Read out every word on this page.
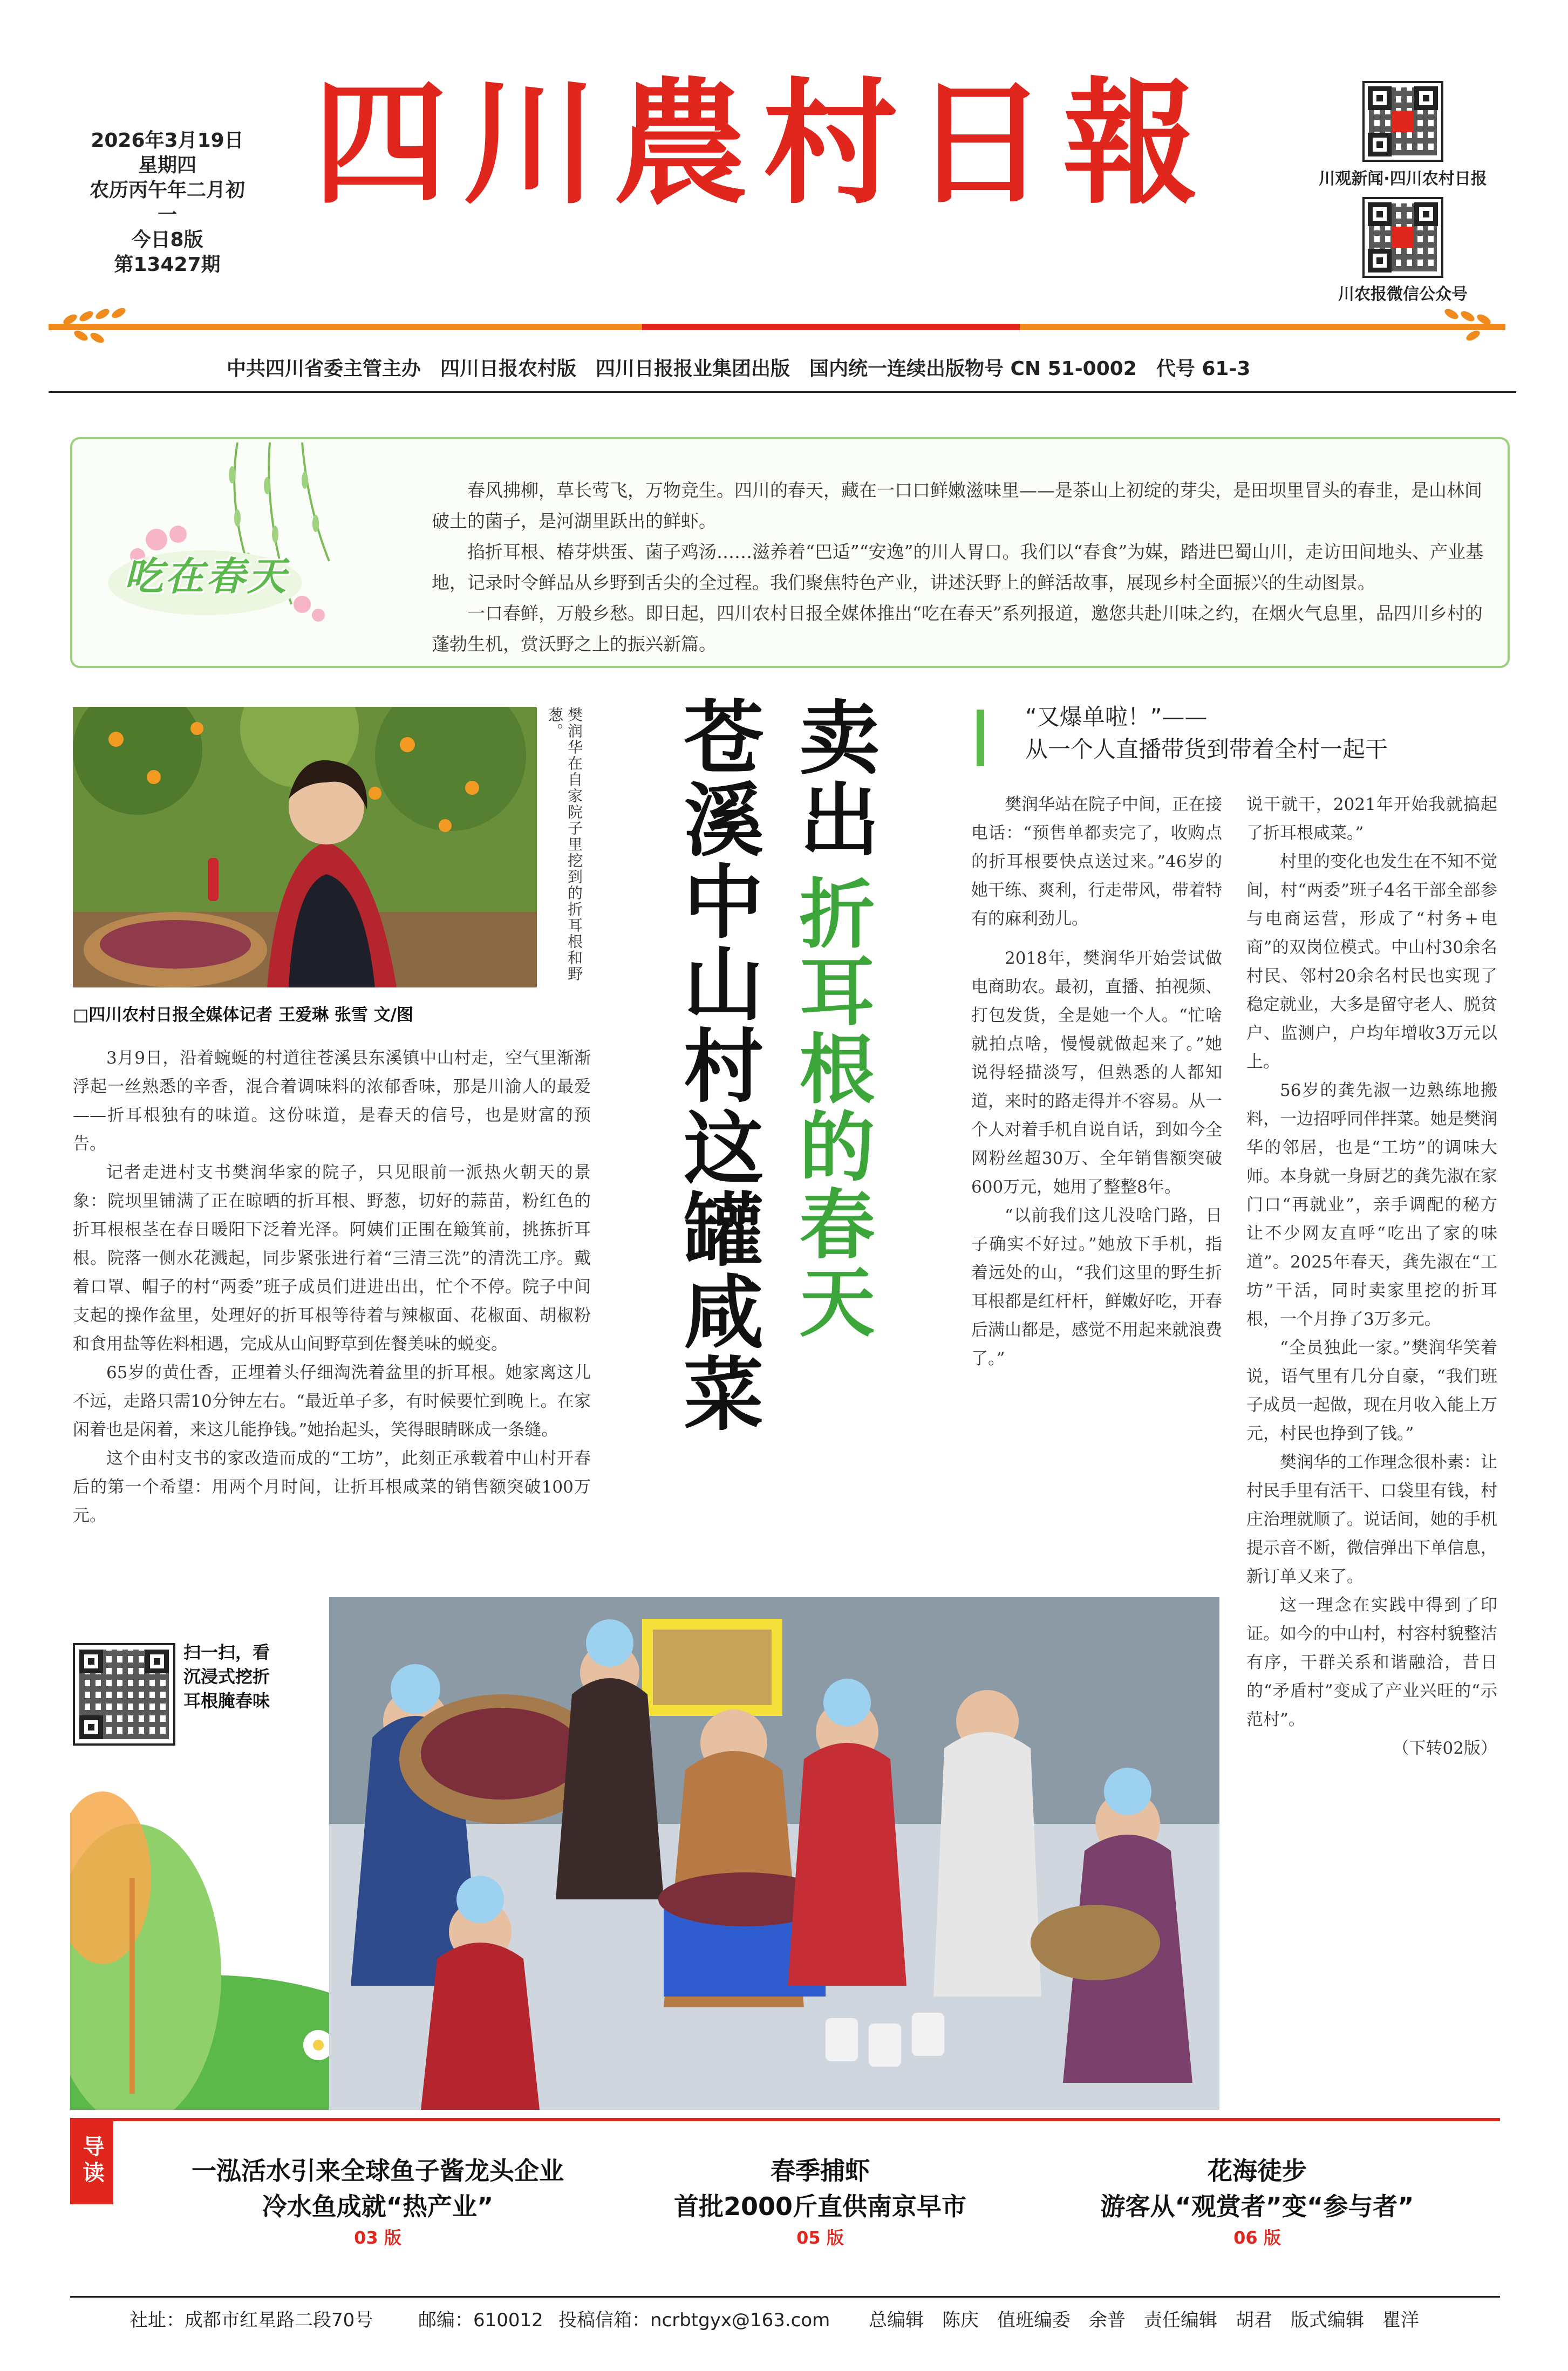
2026年3月19日
星期四
农历丙午年二月初一
今日8版
第13427期
四川農村日報	川观新闻·四川农村日报
川农报微信公众号
中共四川省委主管主办　四川日报农村版　四川日报报业集团出版　国内统一连续出版物号 CN 51-0002　代号 61-3
吃在春天

春风拂柳，草长莺飞，万物竞生。四川的春天，藏在一口口鲜嫩滋味里——是茶山上初绽的芽尖，是田坝里冒头的春韭，是山林间破土的菌子，是河湖里跃出的鲜虾。

掐折耳根、椿芽烘蛋、菌子鸡汤……滋养着“巴适”“安逸”的川人胃口。我们以“春食”为媒，踏进巴蜀山川，走访田间地头、产业基地，记录时令鲜品从乡野到舌尖的全过程。我们聚焦特色产业，讲述沃野上的鲜活故事，展现乡村全面振兴的生动图景。

一口春鲜，万般乡愁。即日起，四川农村日报全媒体推出“吃在春天”系列报道，邀您共赴川味之约，在烟火气息里，品四川乡村的蓬勃生机，赏沃野之上的振兴新篇。

樊润华在自家院子里挖到的折耳根和野葱。
□四川农村日报全媒体记者 王爱琳 张雪 文/图

3月9日，沿着蜿蜒的村道往苍溪县东溪镇中山村走，空气里渐渐浮起一丝熟悉的辛香，混合着调味料的浓郁香味，那是川渝人的最爱——折耳根独有的味道。这份味道，是春天的信号，也是财富的预告。

记者走进村支书樊润华家的院子，只见眼前一派热火朝天的景象：院坝里铺满了正在晾晒的折耳根、野葱，切好的蒜苗，粉红色的折耳根根茎在春日暖阳下泛着光泽。阿姨们正围在簸箕前，挑拣折耳根。院落一侧水花溅起，同步紧张进行着“三清三洗”的清洗工序。戴着口罩、帽子的村“两委”班子成员们进进出出，忙个不停。院子中间支起的操作盆里，处理好的折耳根等待着与辣椒面、花椒面、胡椒粉和食用盐等佐料相遇，完成从山间野草到佐餐美味的蜕变。

65岁的黄仕香，正埋着头仔细淘洗着盆里的折耳根。她家离这儿不远，走路只需10分钟左右。“最近单子多，有时候要忙到晚上。在家闲着也是闲着，来这儿能挣钱。”她抬起头，笑得眼睛眯成一条缝。

这个由村支书的家改造而成的“工坊”，此刻正承载着中山村开春后的第一个希望：用两个月时间，让折耳根咸菜的销售额突破100万元。

苍溪中山村这罐咸菜 卖出
折耳根的春天
“又爆单啦！”——
从一个人直播带货到带着全村一起干

樊润华站在院子中间，正在接电话：“预售单都卖完了，收购点的折耳根要快点送过来。”46岁的她干练、爽利，行走带风，带着特有的麻利劲儿。

2018年，樊润华开始尝试做电商助农。最初，直播、拍视频、打包发货，全是她一个人。“忙啥就拍点啥，慢慢就做起来了。”她说得轻描淡写，但熟悉的人都知道，来时的路走得并不容易。从一个人对着手机自说自话，到如今全网粉丝超30万、全年销售额突破600万元，她用了整整8年。

“以前我们这儿没啥门路，日子确实不好过。”她放下手机，指着远处的山，“我们这里的野生折耳根都是红杆杆，鲜嫩好吃，开春后满山都是，感觉不用起来就浪费了。”

说干就干，2021年开始我就搞起了折耳根咸菜。”

村里的变化也发生在不知不觉间，村“两委”班子4名干部全部参与电商运营，形成了“村务+电商”的双岗位模式。中山村30余名村民、邻村20余名村民也实现了稳定就业，大多是留守老人、脱贫户、监测户，户均年增收3万元以上。

56岁的龚先淑一边熟练地搬料，一边招呼同伴拌菜。她是樊润华的邻居，也是“工坊”的调味大师。本身就一身厨艺的龚先淑在家门口“再就业”，亲手调配的秘方让不少网友直呼“吃出了家的味道”。2025年春天，龚先淑在“工坊”干活，同时卖家里挖的折耳根，一个月挣了3万多元。

“全员独此一家。”樊润华笑着说，语气里有几分自豪，“我们班子成员一起做，现在月收入能上万元，村民也挣到了钱。”

樊润华的工作理念很朴素：让村民手里有活干、口袋里有钱，村庄治理就顺了。说话间，她的手机提示音不断，微信弹出下单信息，新订单又来了。

这一理念在实践中得到了印证。如今的中山村，村容村貌整洁有序，干群关系和谐融洽，昔日的“矛盾村”变成了产业兴旺的“示范村”。

（下转02版）

扫一扫，看沉浸式挖折耳根腌春味
导读	一泓活水引来全球鱼子酱龙头企业
冷水鱼成就“热产业”
03 版
春季捕虾
首批2000斤直供南京早市
05 版
花海徒步
游客从“观赏者”变“参与者”
06 版
社址：成都市红星路二段70号 邮编：610012 投稿信箱：ncrbtgyx@163.com 总编辑　陈庆　值班编委　余普　责任编辑　胡君　版式编辑　瞿洋
